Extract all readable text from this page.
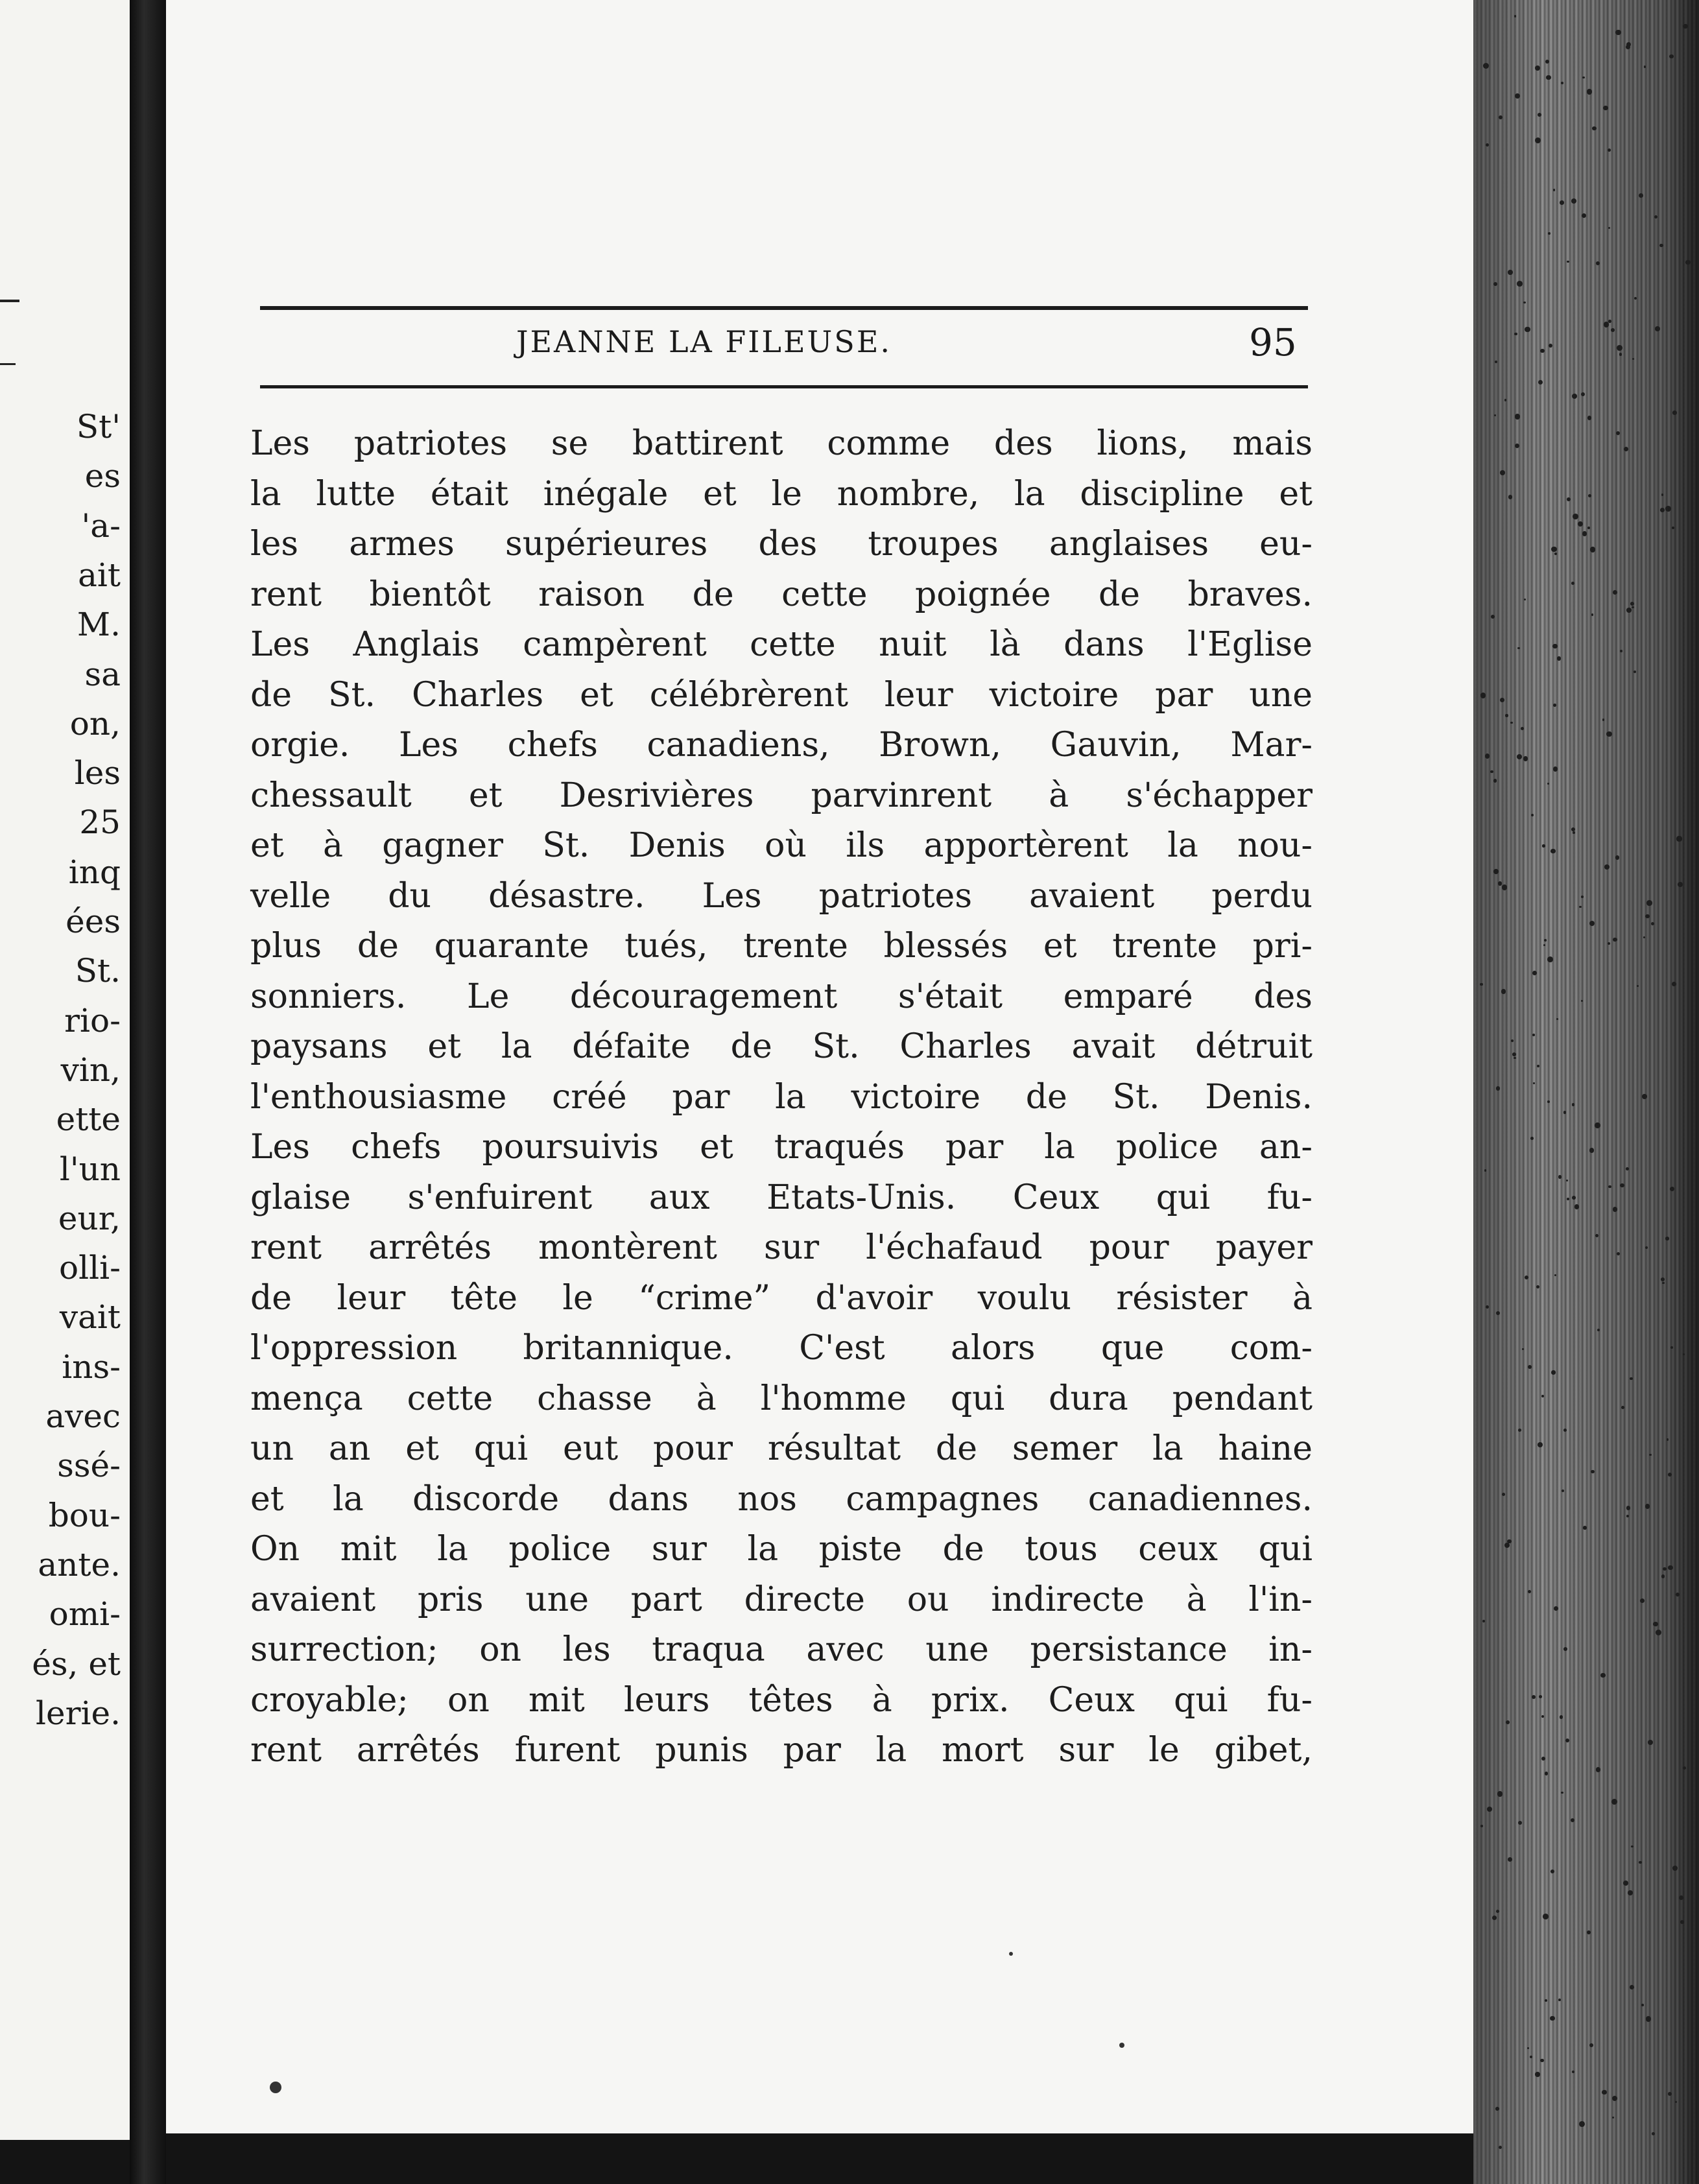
St'
es
'a-
ait
M.
sa
on,
les
25
inq
ées
St.
rio-
vin,
ette
l'un
eur,
olli-
vait
ins-
avec
ssé-
bou-
ante.
omi-
és, et
lerie.
JEANNE LA FILEUSE.	95
Les patriotes se battirent comme des lions, mais
la lutte était inégale et le nombre, la discipline et
les armes supérieures des troupes anglaises eu-
rent bientôt raison de cette poignée de braves.
Les Anglais campèrent cette nuit là dans l'Eglise
de St. Charles et célébrèrent leur victoire par une
orgie. Les chefs canadiens, Brown, Gauvin, Mar-
chessault et Desrivières parvinrent à s'échapper
et à gagner St. Denis où ils apportèrent la nou-
velle du désastre. Les patriotes avaient perdu
plus de quarante tués, trente blessés et trente pri-
sonniers. Le découragement s'était emparé des
paysans et la défaite de St. Charles avait détruit
l'enthousiasme créé par la victoire de St. Denis.
Les chefs poursuivis et traqués par la police an-
glaise s'enfuirent aux Etats-Unis. Ceux qui fu-
rent arrêtés montèrent sur l'échafaud pour payer
de leur tête le “crime” d'avoir voulu résister à
l'oppression britannique. C'est alors que com-
mença cette chasse à l'homme qui dura pendant
un an et qui eut pour résultat de semer la haine
et la discorde dans nos campagnes canadiennes.
On mit la police sur la piste de tous ceux qui
avaient pris une part directe ou indirecte à l'in-
surrection; on les traqua avec une persistance in-
croyable; on mit leurs têtes à prix. Ceux qui fu-
rent arrêtés furent punis par la mort sur le gibet,
